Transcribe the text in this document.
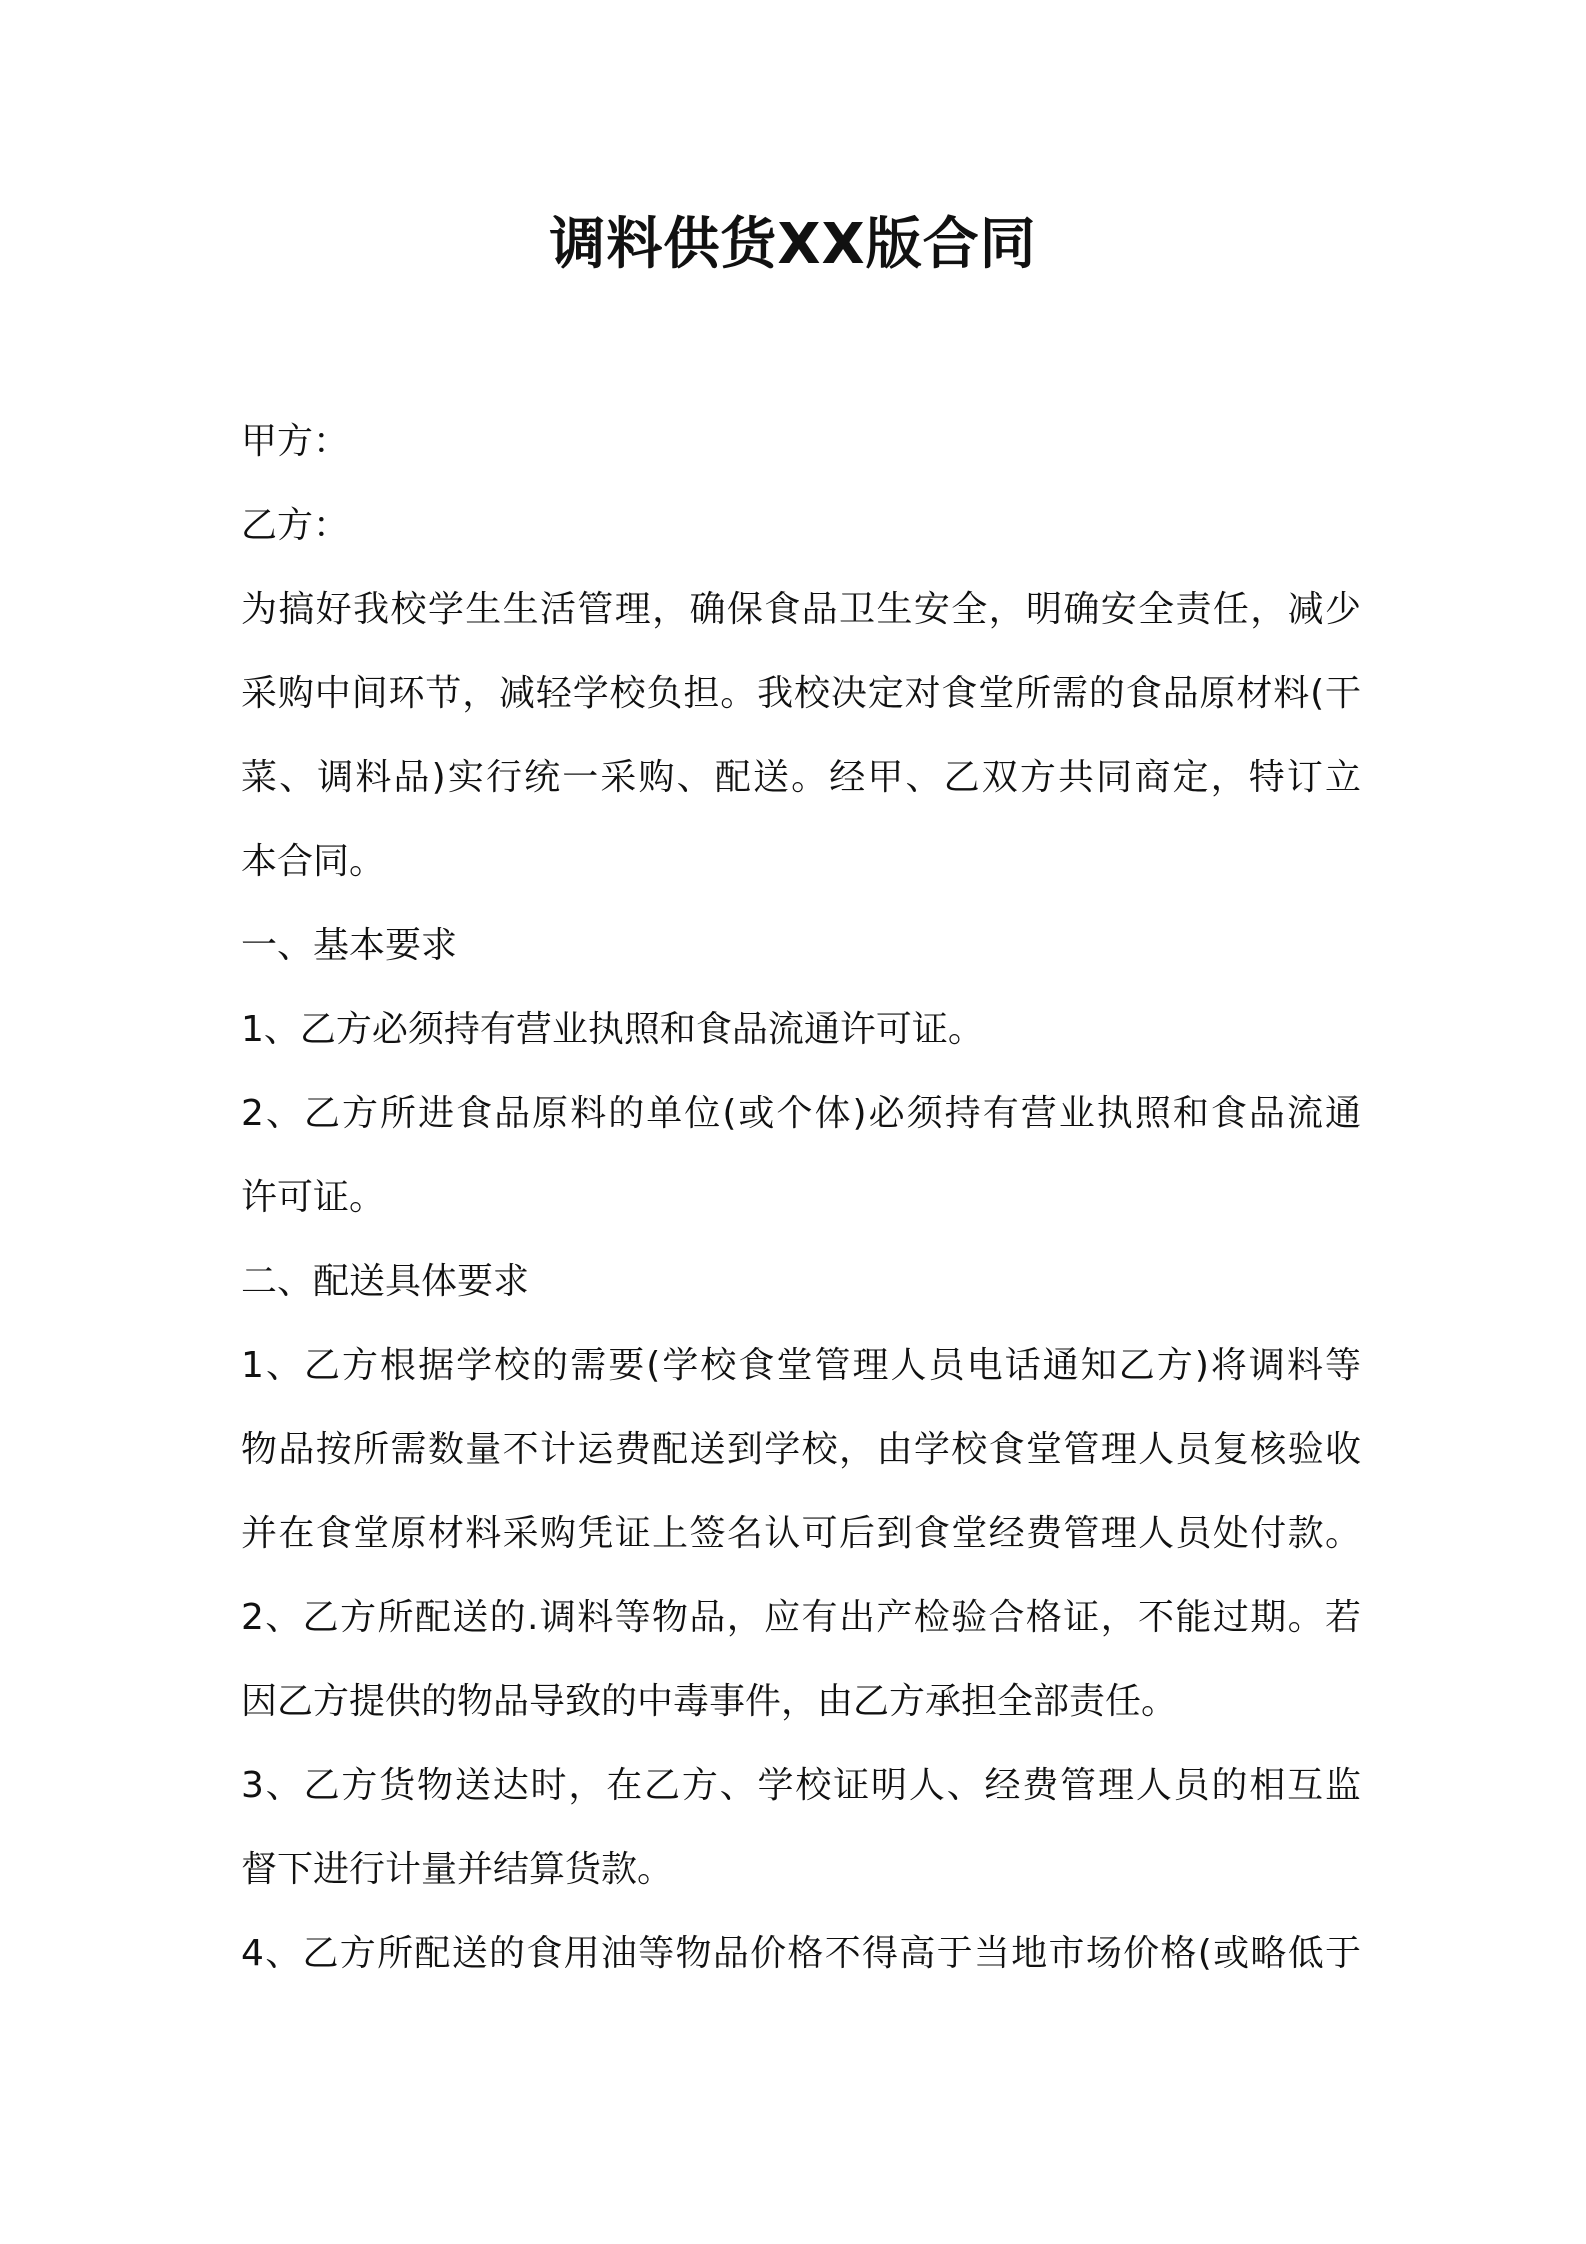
调料供货XX版合同
甲方：
乙方：
为搞好我校学生生活管理，确保食品卫生安全，明确安全责任，减少
采购中间环节，减轻学校负担。我校决定对食堂所需的食品原材料(干
菜、调料品)实行统一采购、配送。经甲、乙双方共同商定，特订立
本合同。
一、基本要求
1、乙方必须持有营业执照和食品流通许可证。
2、乙方所进食品原料的单位(或个体)必须持有营业执照和食品流通
许可证。
二、配送具体要求
1、乙方根据学校的需要(学校食堂管理人员电话通知乙方)将调料等
物品按所需数量不计运费配送到学校，由学校食堂管理人员复核验收
并在食堂原材料采购凭证上签名认可后到食堂经费管理人员处付款。
2、乙方所配送的.调料等物品，应有出产检验合格证，不能过期。若
因乙方提供的物品导致的中毒事件，由乙方承担全部责任。
3、乙方货物送达时，在乙方、学校证明人、经费管理人员的相互监
督下进行计量并结算货款。
4、乙方所配送的食用油等物品价格不得高于当地市场价格(或略低于
